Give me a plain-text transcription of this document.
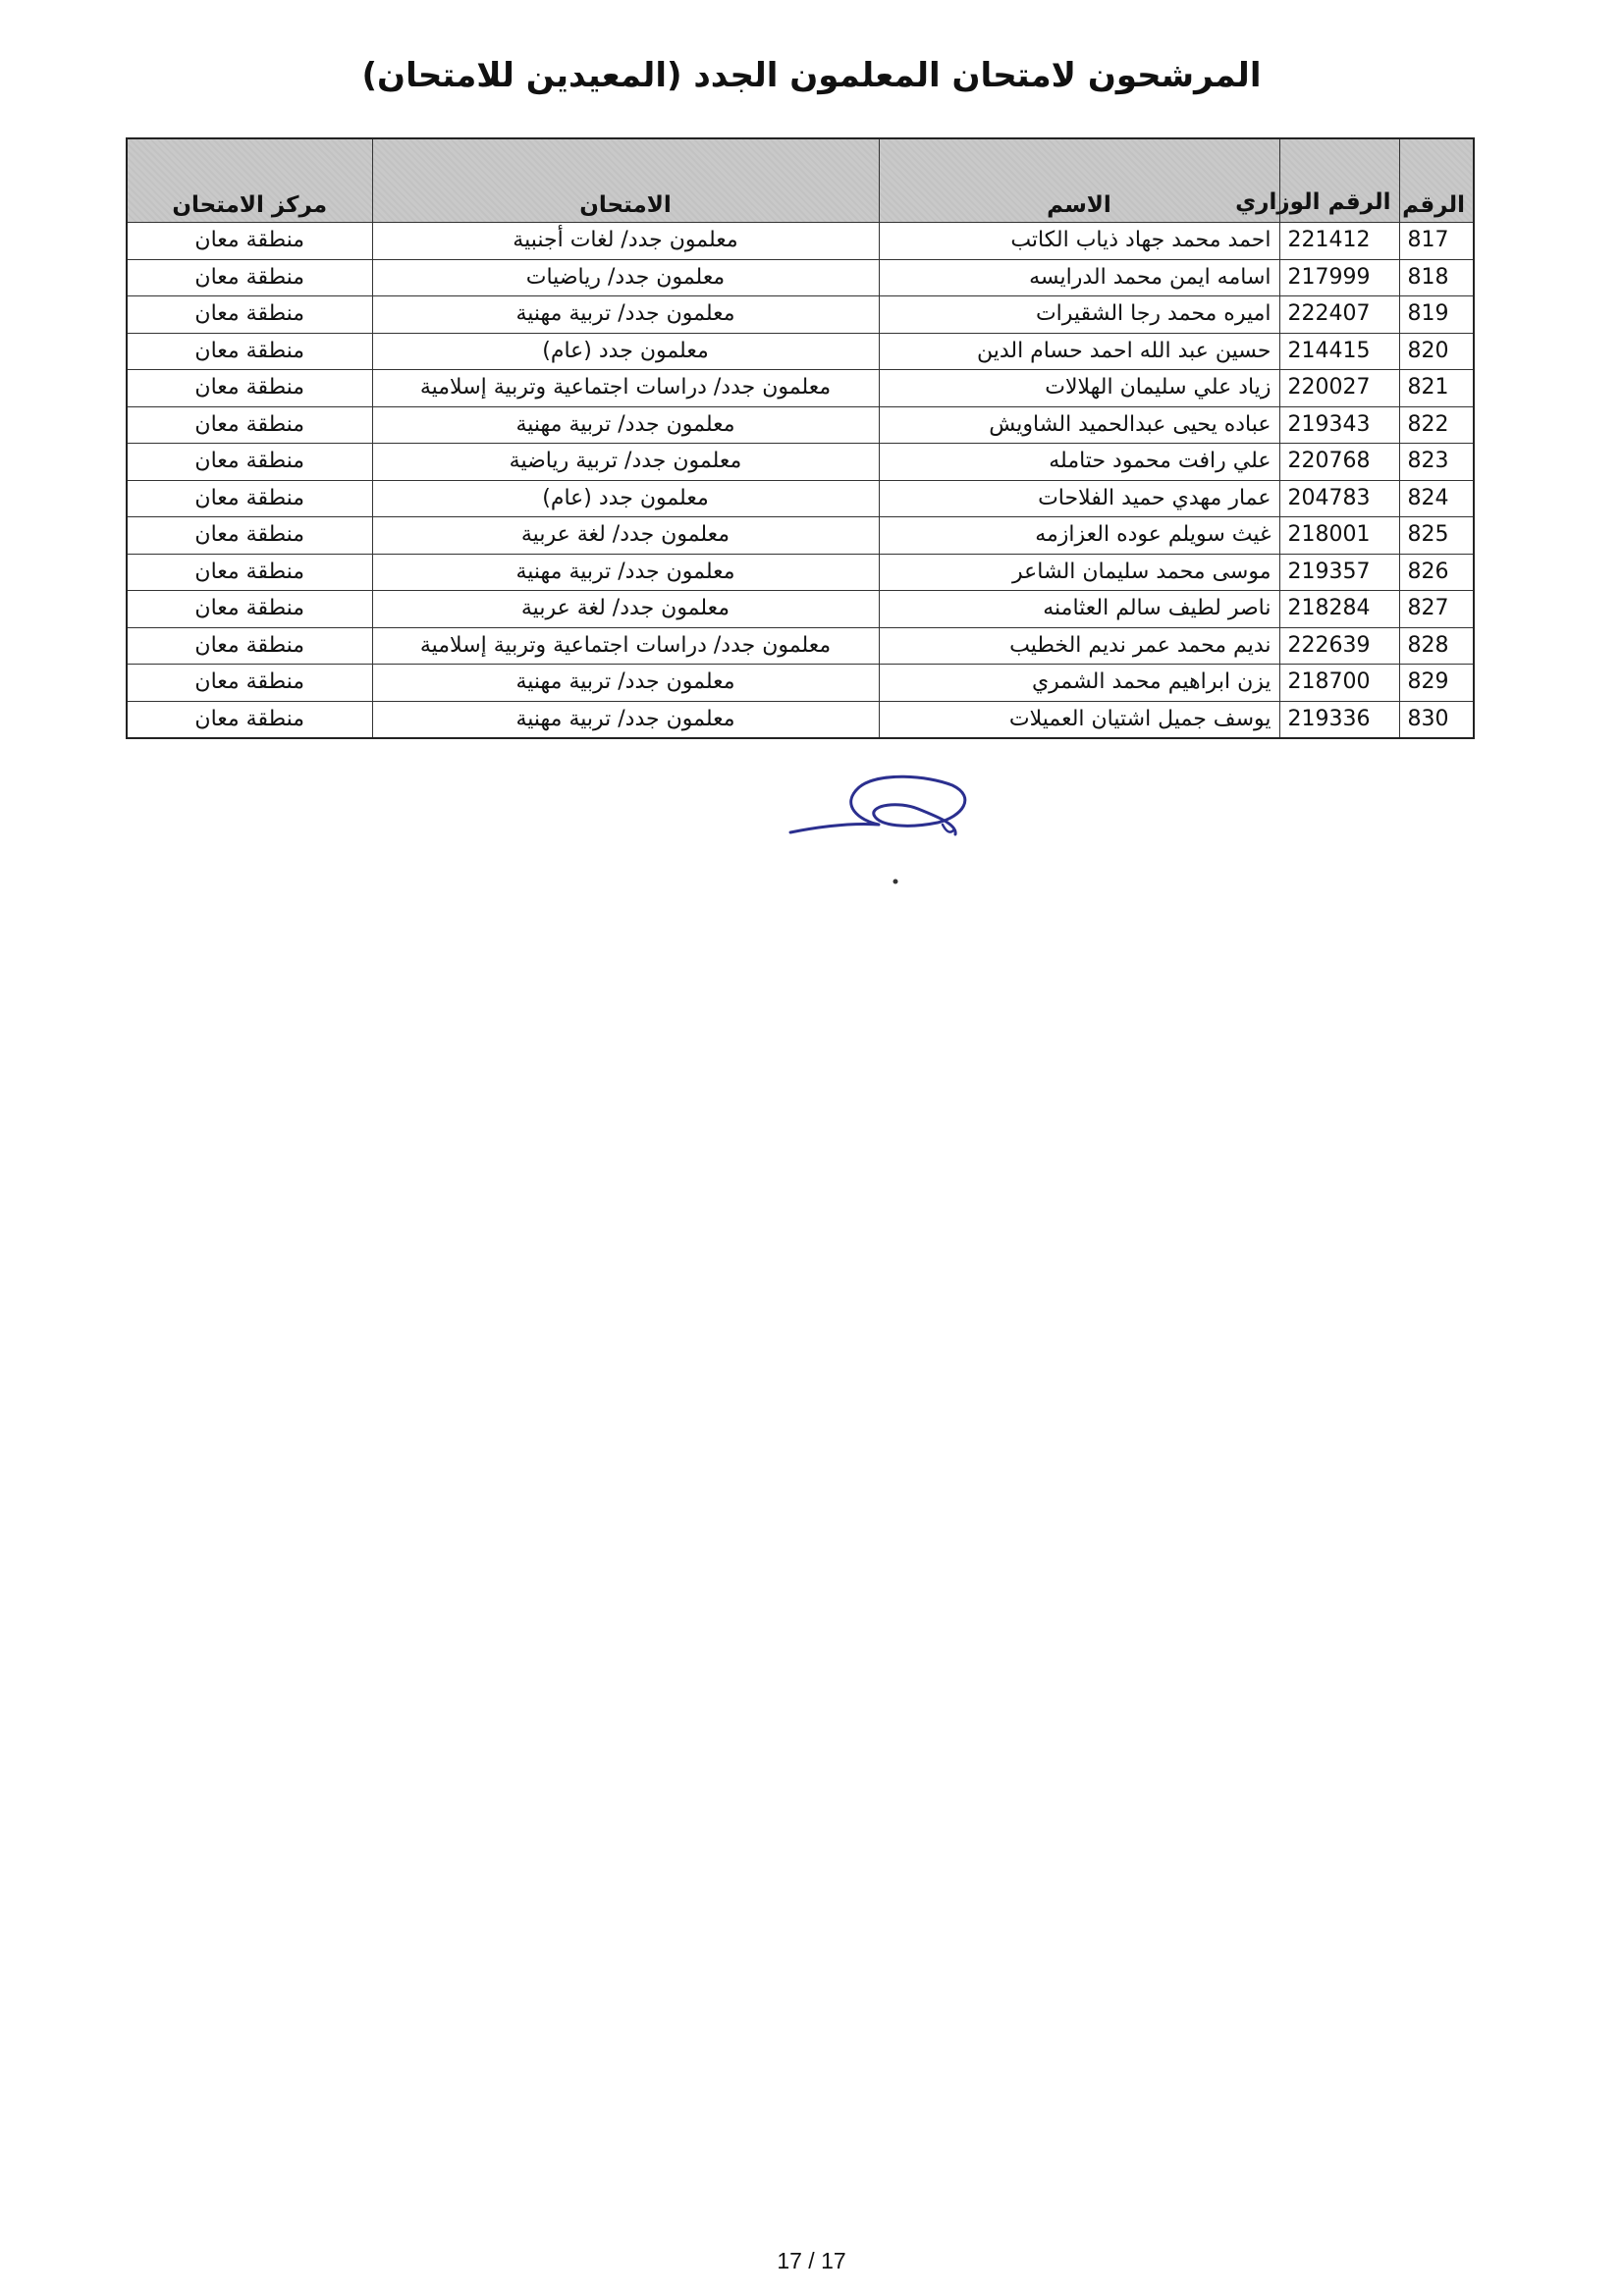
المرشحون لامتحان المعلمون الجدد (المعيدين للامتحان)
الرقم	الرقم الوزاري	الاسم	الامتحان	مركز الامتحان
817	221412	احمد محمد جهاد ذياب الكاتب	معلمون جدد/ لغات أجنبية	منطقة معان
818	217999	اسامه ايمن محمد الدرايسه	معلمون جدد/ رياضيات	منطقة معان
819	222407	اميره محمد رجا الشقيرات	معلمون جدد/ تربية مهنية	منطقة معان
820	214415	حسين عبد الله احمد حسام الدين	معلمون جدد (عام)	منطقة معان
821	220027	زياد علي سليمان الهلالات	معلمون جدد/ دراسات اجتماعية وتربية إسلامية	منطقة معان
822	219343	عباده يحيى عبدالحميد الشاويش	معلمون جدد/ تربية مهنية	منطقة معان
823	220768	علي رافت محمود حتامله	معلمون جدد/ تربية رياضية	منطقة معان
824	204783	عمار مهدي حميد الفلاحات	معلمون جدد (عام)	منطقة معان
825	218001	غيث سويلم عوده العزازمه	معلمون جدد/ لغة عربية	منطقة معان
826	219357	موسى محمد سليمان الشاعر	معلمون جدد/ تربية مهنية	منطقة معان
827	218284	ناصر لطيف سالم العثامنه	معلمون جدد/ لغة عربية	منطقة معان
828	222639	نديم محمد عمر نديم الخطيب	معلمون جدد/ دراسات اجتماعية وتربية إسلامية	منطقة معان
829	218700	يزن ابراهيم محمد الشمري	معلمون جدد/ تربية مهنية	منطقة معان
830	219336	يوسف جميل اشتيان العميلات	معلمون جدد/ تربية مهنية	منطقة معان
17 / 17
